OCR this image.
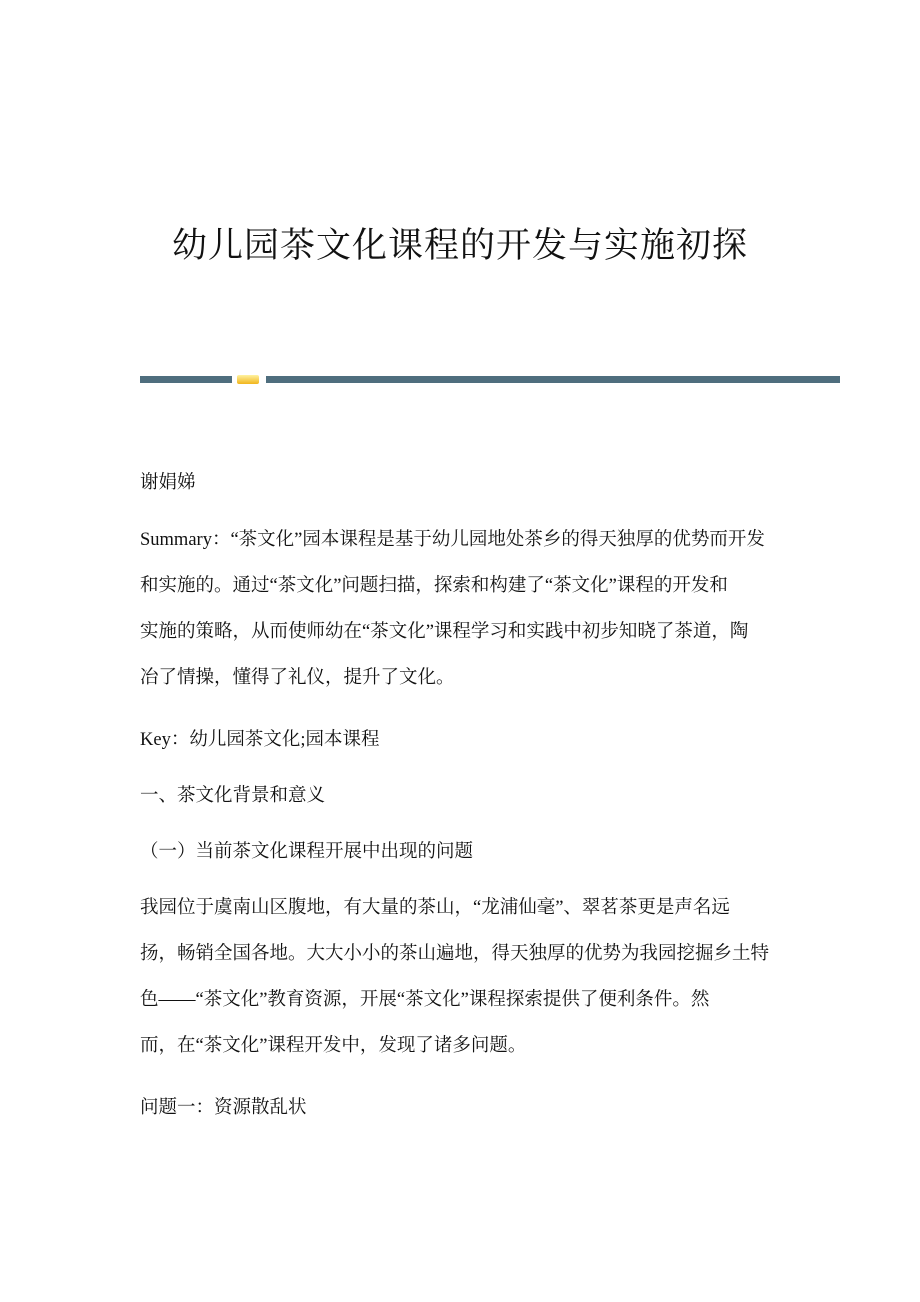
幼儿园茶文化课程的开发与实施初探
谢娟娣
Summary：“茶文化”园本课程是基于幼儿园地处茶乡的得天独厚的优势而开发
和实施的。通过“茶文化”问题扫描，探索和构建了“茶文化”课程的开发和
实施的策略，从而使师幼在“茶文化”课程学习和实践中初步知晓了茶道，陶
冶了情操，懂得了礼仪，提升了文化。
Key：幼儿园茶文化;园本课程
一、茶文化背景和意义
（一）当前茶文化课程开展中出现的问题
我园位于虞南山区腹地，有大量的茶山，“龙浦仙毫”、翠茗茶更是声名远
扬，畅销全国各地。大大小小的茶山遍地，得天独厚的优势为我园挖掘乡土特
色——“茶文化”教育资源，开展“茶文化”课程探索提供了便利条件。然
而，在“茶文化”课程开发中，发现了诸多问题。
问题一：资源散乱状
